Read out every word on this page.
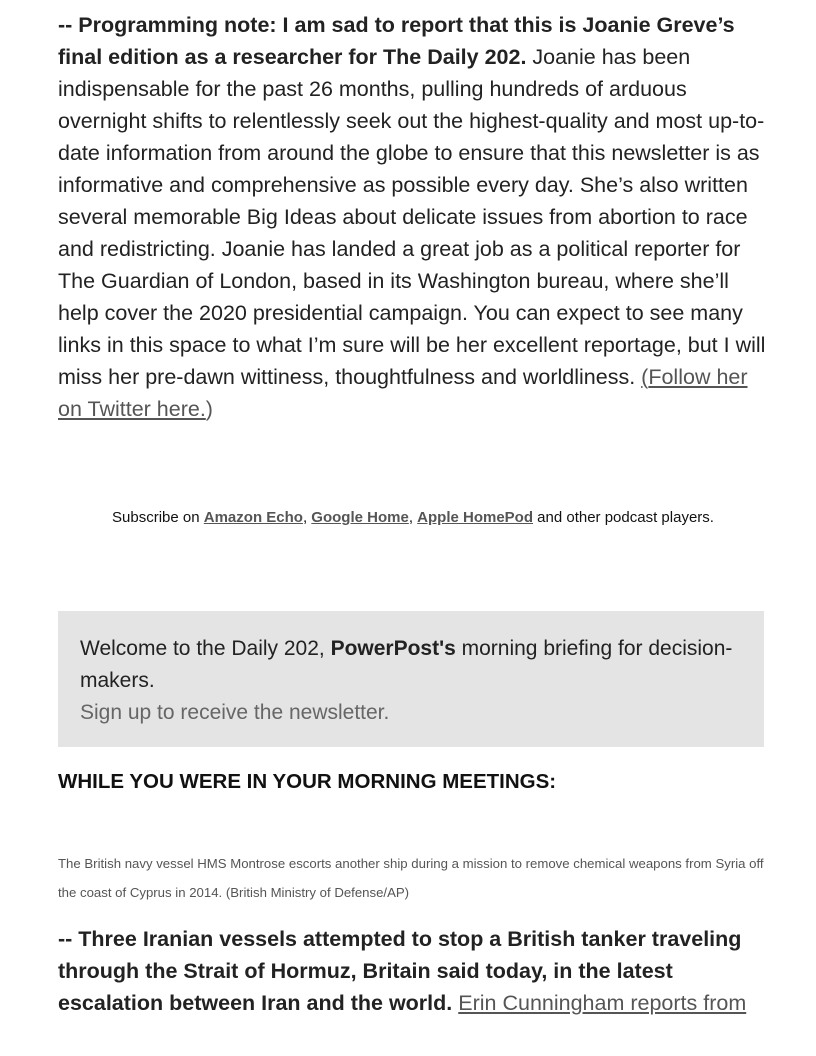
-- Programming note: I am sad to report that this is Joanie Greve’s final edition as a researcher for The Daily 202. Joanie has been indispensable for the past 26 months, pulling hundreds of arduous overnight shifts to relentlessly seek out the highest-quality and most up-to-date information from around the globe to ensure that this newsletter is as informative and comprehensive as possible every day. She’s also written several memorable Big Ideas about delicate issues from abortion to race and redistricting. Joanie has landed a great job as a political reporter for The Guardian of London, based in its Washington bureau, where she’ll help cover the 2020 presidential campaign. You can expect to see many links in this space to what I’m sure will be her excellent reportage, but I will miss her pre-dawn wittiness, thoughtfulness and worldliness. (Follow her on Twitter here.)

Subscribe on Amazon Echo, Google Home, Apple HomePod and other podcast players.
Welcome to the Daily 202, PowerPost's morning briefing for decision-makers.
Sign up to receive the newsletter.
WHILE YOU WERE IN YOUR MORNING MEETINGS:
The British navy vessel HMS Montrose escorts another ship during a mission to remove chemical weapons from Syria off the coast of Cyprus in 2014. (British Ministry of Defense/AP)

-- Three Iranian vessels attempted to stop a British tanker traveling through the Strait of Hormuz, Britain said today, in the latest escalation between Iran and the world. Erin Cunningham reports from
